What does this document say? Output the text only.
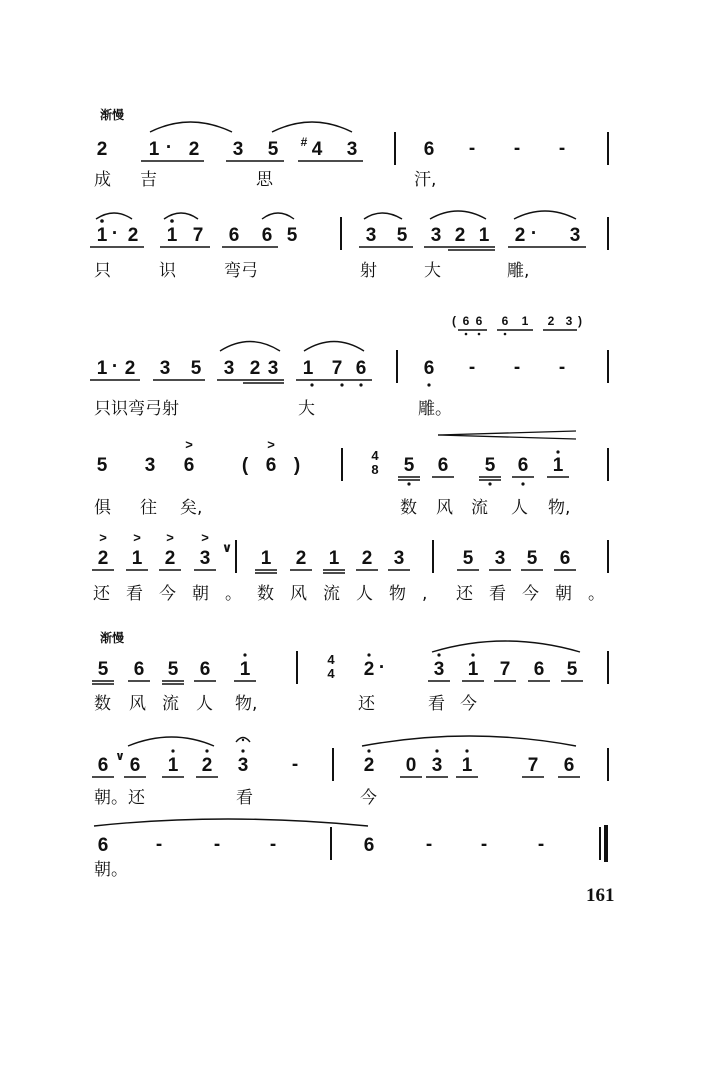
渐慢
2 1 · 2 3 5	# 4 3	6	-	-	-
成 吉	思	汗,
1 · 2 1 7 6 6 5	3 5 3 2 1 2 ·	3
只	识	弯弓	射	大	雕,
( 6 6 6 1 2 3 )
1 · 2 3 5 3 2 3 1 7 6	6	-	-	-
只识弯弓射	大	雕。
5 3 6
>
( 6 )
>
4
8 5 6 5 6 1
俱 往 矣,	数 风 流 人 物,
>	>	>	>
∨
2 1 2 3	1 2 1 2 3	5 3 5 6
还看今朝。 数风流人物, 还看今朝。
渐慢
5 6 5 6 1	4
4 2 ·	3 1 7 6 5
数 风 流 人 物,	还	看 今
6 ∨ 6 1 2 3	-	2 0 3 1	7 6
朝。还	看	今
6	-	-	-	6	-	-	-
朝。
161
